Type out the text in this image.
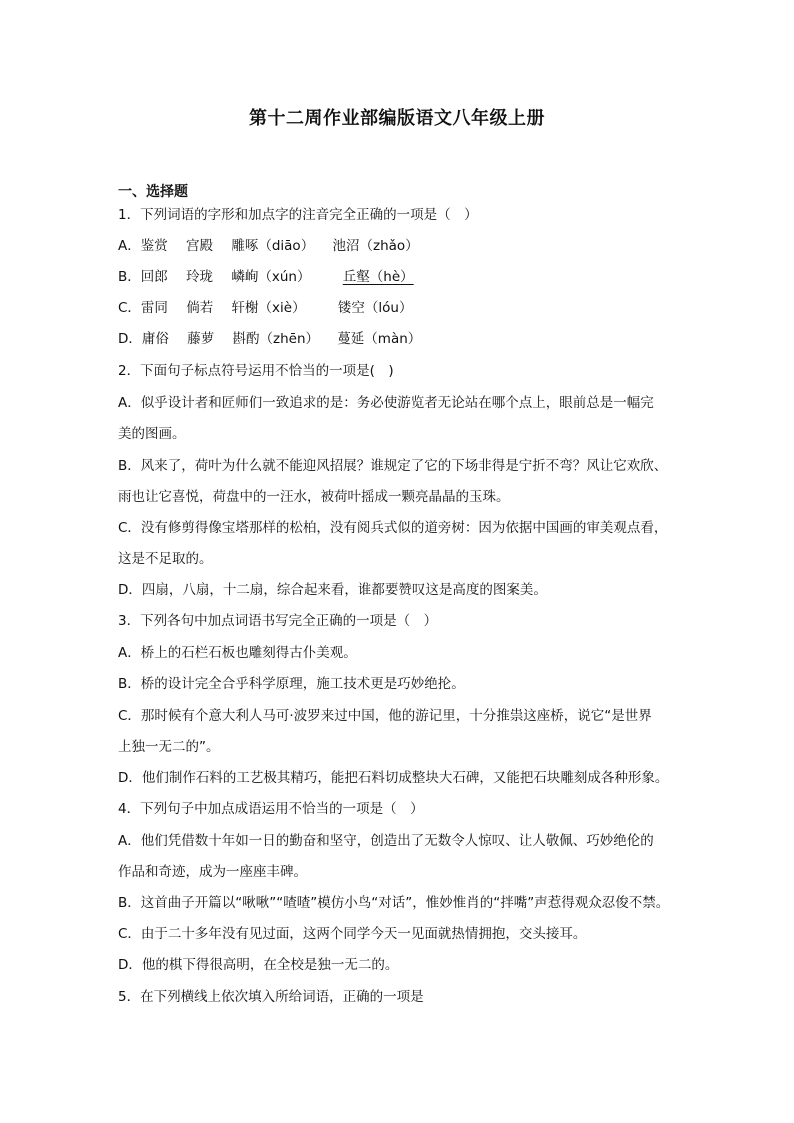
第十二周作业部编版语文八年级上册
一、选择题
1．下列词语的字形和加点字的注音完全正确的一项是（　）
A．鉴赏 宫殿 雕啄（diāo） 池沼（zhǎo）
B．回郎 玲珑 嶙峋（xún） 丘壑（hè）
C．雷同 倘若 轩榭（xiè） 镂空（lóu）
D．庸俗 藤萝 斟酌（zhēn） 蔓延（màn）
2．下面句子标点符号运用不恰当的一项是(　)
A．似乎设计者和匠师们一致追求的是：务必使游览者无论站在哪个点上，眼前总是一幅完
美的图画。
B．风来了，荷叶为什么就不能迎风招展？谁规定了它的下场非得是宁折不弯？风让它欢欣、
雨也让它喜悦，荷盘中的一汪水，被荷叶摇成一颗亮晶晶的玉珠。
C．没有修剪得像宝塔那样的松柏，没有阅兵式似的道旁树：因为依据中国画的审美观点看，
这是不足取的。
D．四扇，八扇，十二扇，综合起来看，谁都要赞叹这是高度的图案美。
3．下列各句中加点词语书写完全正确的一项是（　）
A．桥上的石栏石板也雕刻得古仆美观。
B．桥的设计完全合乎科学原理，施工技术更是巧妙绝抡。
C．那时候有个意大利人马可·波罗来过中国，他的游记里，十分推祟这座桥，说它“是世界
上独一无二的”。
D．他们制作石料的工艺极其精巧，能把石料切成整块大石碑，又能把石块雕刻成各种形象。
4．下列句子中加点成语运用不恰当的一项是（　）
A．他们凭借数十年如一日的勤奋和坚守，创造出了无数令人惊叹、让人敬佩、巧妙绝伦的
作品和奇迹，成为一座座丰碑。
B．这首曲子开篇以“啾啾”“喳喳”模仿小鸟“对话”，惟妙惟肖的“拌嘴”声惹得观众忍俊不禁。
C．由于二十多年没有见过面，这两个同学今天一见面就热情拥抱，交头接耳。
D．他的棋下得很高明，在全校是独一无二的。
5．在下列横线上依次填入所给词语，正确的一项是
